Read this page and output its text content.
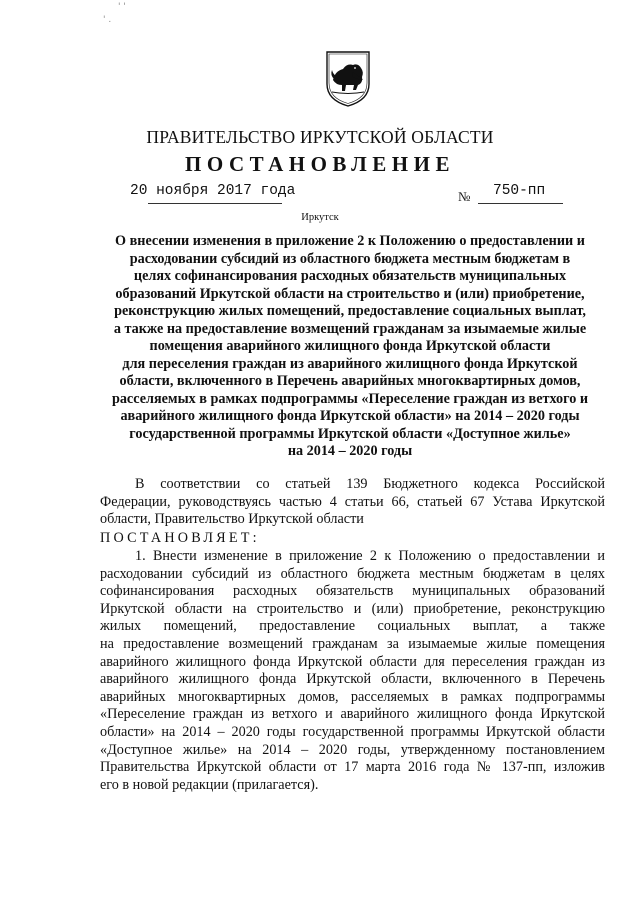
' '
' .
ПРАВИТЕЛЬСТВО ИРКУТСКОЙ ОБЛАСТИ
ПОСТАНОВЛЕНИЕ
20 ноября 2017 года	№ 750-пп
Иркутск
О внесении изменения в приложение 2 к Положению о предоставлении и
расходовании субсидий из областного бюджета местным бюджетам в
целях софинансирования расходных обязательств муниципальных
образований Иркутской области на строительство и (или) приобретение,
реконструкцию жилых помещений, предоставление социальных выплат,
а также на предоставление возмещений гражданам за изымаемые жилые
помещения аварийного жилищного фонда Иркутской области
для переселения граждан из аварийного жилищного фонда Иркутской
области, включенного в Перечень аварийных многоквартирных домов,
расселяемых в рамках подпрограммы «Переселение граждан из ветхого и
аварийного жилищного фонда Иркутской области» на 2014 – 2020 годы
государственной программы Иркутской области «Доступное жилье»
на 2014 – 2020 годы
В соответствии со статьей 139 Бюджетного кодекса Российской
Федерации, руководствуясь частью 4 статьи 66, статьей 67 Устава Иркутской
области, Правительство Иркутской области
ПОСТАНОВЛЯЕТ:
1. Внести изменение в приложение 2 к Положению о предоставлении и
расходовании субсидий из областного бюджета местным бюджетам в целях
софинансирования расходных обязательств муниципальных образований
Иркутской области на строительство и (или) приобретение, реконструкцию
жилых помещений, предоставление социальных выплат, а также
на предоставление возмещений гражданам за изымаемые жилые помещения
аварийного жилищного фонда Иркутской области для переселения граждан из
аварийного жилищного фонда Иркутской области, включенного в Перечень
аварийных многоквартирных домов, расселяемых в рамках подпрограммы
«Переселение граждан из ветхого и аварийного жилищного фонда Иркутской
области» на 2014 – 2020 годы государственной программы Иркутской области
«Доступное жилье» на 2014 – 2020 годы, утвержденному постановлением
Правительства Иркутской области от 17 марта 2016 года № 137-пп, изложив
его в новой редакции (прилагается).
